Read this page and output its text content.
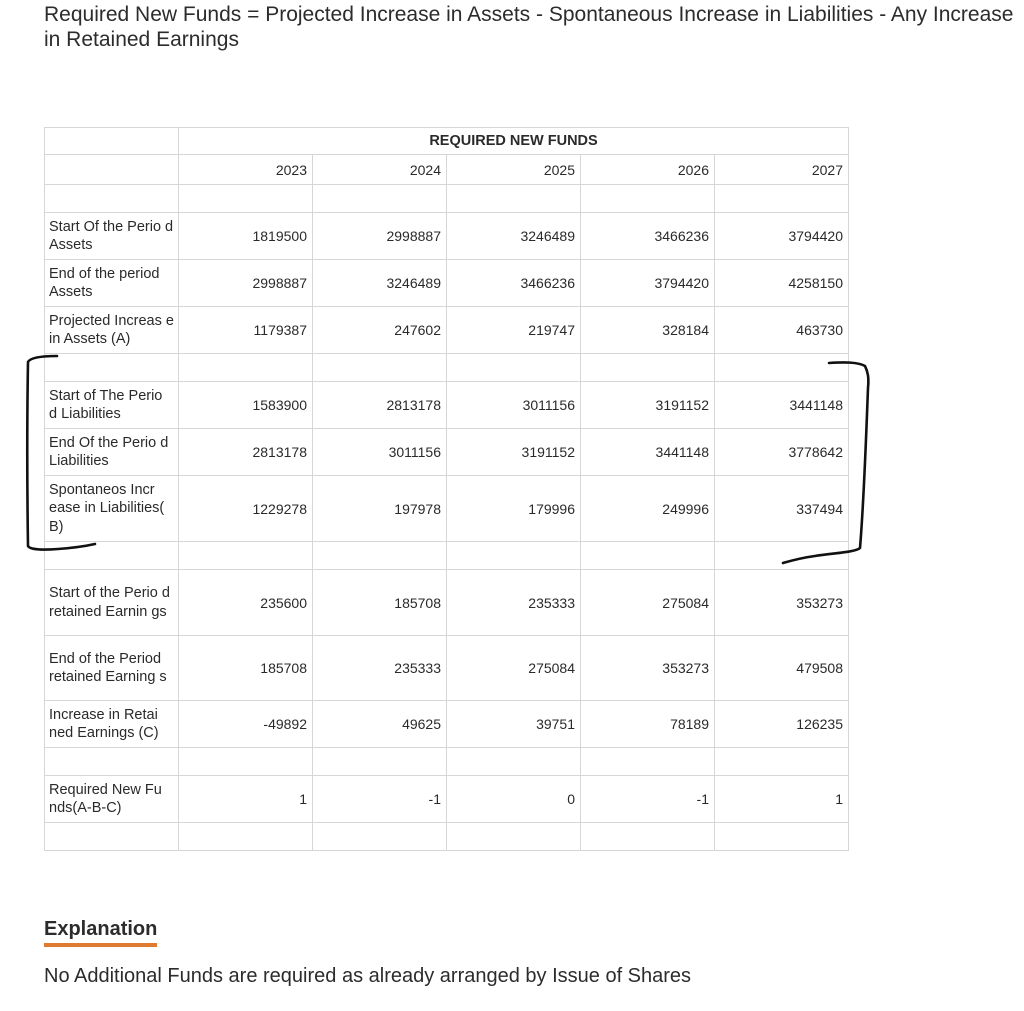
Required New Funds = Projected Increase in Assets - Spontaneous Increase in Liabilities - Any Increase in Retained Earnings
	REQUIRED NEW FUNDS				
	2023	2024	2025	2026	2027

Start Of the Perio d Assets	1819500	2998887	3246489	3466236	3794420
End of the period Assets	2998887	3246489	3466236	3794420	4258150
Projected Increas e in Assets (A)	1179387	247602	219747	328184	463730

Start of The Perio d Liabilities	1583900	2813178	3011156	3191152	3441148
End Of the Perio d Liabilities	2813178	3011156	3191152	3441148	3778642
Spontaneos Incr ease in Liabilities( B)	1229278	197978	179996	249996	337494

Start of the Perio d retained Earnin gs	235600	185708	235333	275084	353273
End of the Period retained Earning s	185708	235333	275084	353273	479508
Increase in Retai ned Earnings (C)	-49892	49625	39751	78189	126235

Required New Fu nds(A-B-C)	1	-1	0	-1	1

Explanation
No Additional Funds are required as already arranged by Issue of Shares
